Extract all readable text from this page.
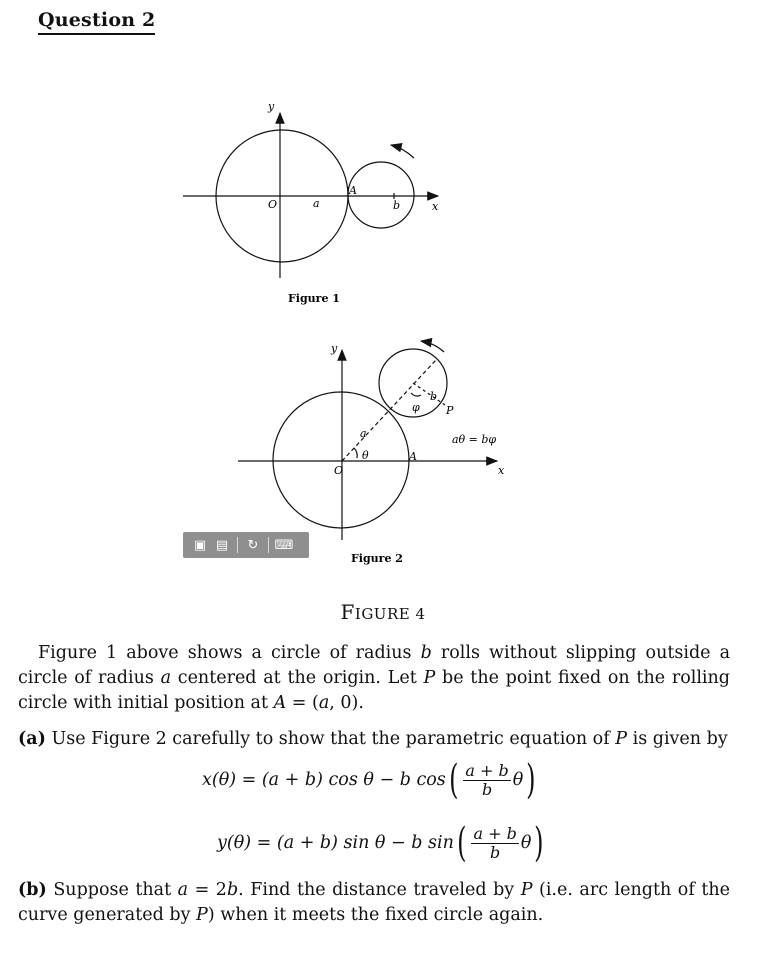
Question 2
y
x
O	a	b
A
Figure 1
y
x
O
a
θ
b
φ P
A
aθ = bφ
Figure 2
▣ ▤	↻	⌨
FIGURE 4

Figure 1 above shows a circle of radius b rolls without slipping outside a circle of radius a centered at the origin. Let P be the point fixed on the rolling circle with initial position at A = (a, 0).

(a) Use Figure 2 carefully to show that the parametric equation of P is given by

x(θ) = (a + b) cos θ − b cos ( $\frac{a + b}{b}$ θ )
y(θ) = (a + b) sin θ − b sin ( $\frac{a + b}{b}$ θ )

(b) Suppose that a = 2b. Find the distance traveled by P (i.e. arc length of the curve generated by P) when it meets the fixed circle again.
